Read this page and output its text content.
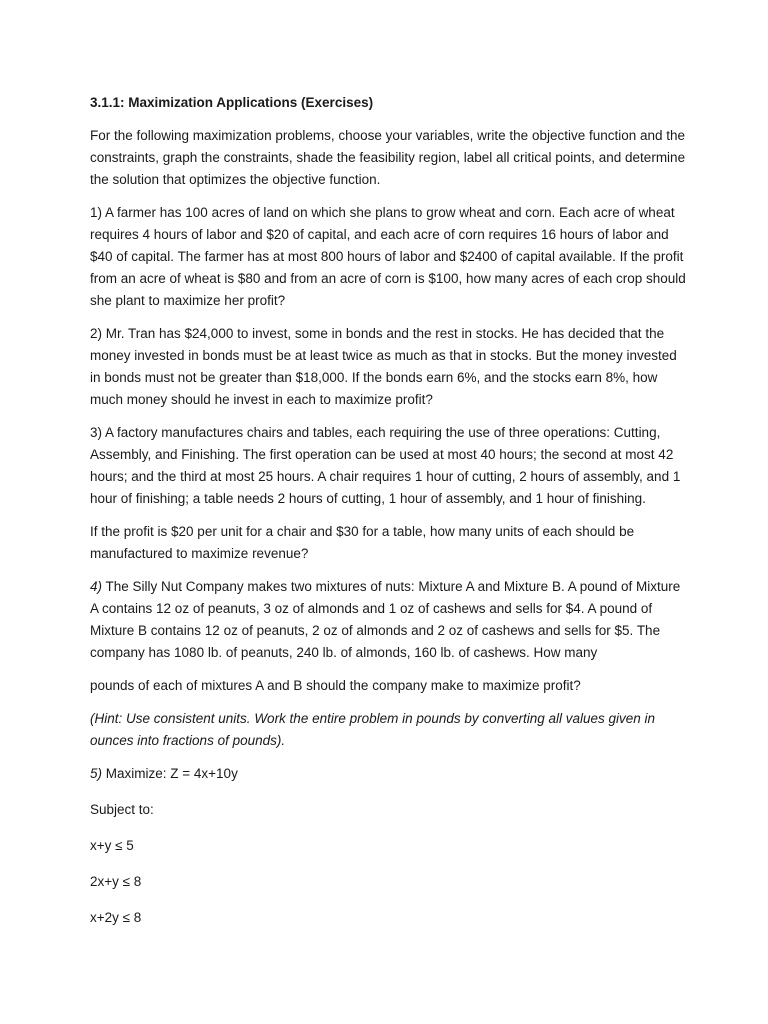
3.1.1: Maximization Applications (Exercises)

For the following maximization problems, choose your variables, write the objective function and the constraints, graph the constraints, shade the feasibility region, label all critical points, and determine the solution that optimizes the objective function.

1) A farmer has 100 acres of land on which she plans to grow wheat and corn. Each acre of wheat requires 4 hours of labor and $20 of capital, and each acre of corn requires 16 hours of labor and $40 of capital. The farmer has at most 800 hours of labor and $2400 of capital available. If the profit from an acre of wheat is $80 and from an acre of corn is $100, how many acres of each crop should she plant to maximize her profit?

2) Mr. Tran has $24,000 to invest, some in bonds and the rest in stocks. He has decided that the money invested in bonds must be at least twice as much as that in stocks. But the money invested in bonds must not be greater than $18,000. If the bonds earn 6%, and the stocks earn 8%, how much money should he invest in each to maximize profit?

3) A factory manufactures chairs and tables, each requiring the use of three operations: Cutting, Assembly, and Finishing. The first operation can be used at most 40 hours; the second at most 42 hours; and the third at most 25 hours. A chair requires 1 hour of cutting, 2 hours of assembly, and 1 hour of finishing; a table needs 2 hours of cutting, 1 hour of assembly, and 1 hour of finishing.

If the profit is $20 per unit for a chair and $30 for a table, how many units of each should be manufactured to maximize revenue?

4) The Silly Nut Company makes two mixtures of nuts: Mixture A and Mixture B. A pound of Mixture A contains 12 oz of peanuts, 3 oz of almonds and 1 oz of cashews and sells for $4. A pound of Mixture B contains 12 oz of peanuts, 2 oz of almonds and 2 oz of cashews and sells for $5. The company has 1080 lb. of peanuts, 240 lb. of almonds, 160 lb. of cashews. How many

pounds of each of mixtures A and B should the company make to maximize profit?

(Hint: Use consistent units. Work the entire problem in pounds by converting all values given in ounces into fractions of pounds).

5) Maximize: Z = 4x+10y

Subject to:

x+y ≤ 5

2x+y ≤ 8

x+2y ≤ 8
